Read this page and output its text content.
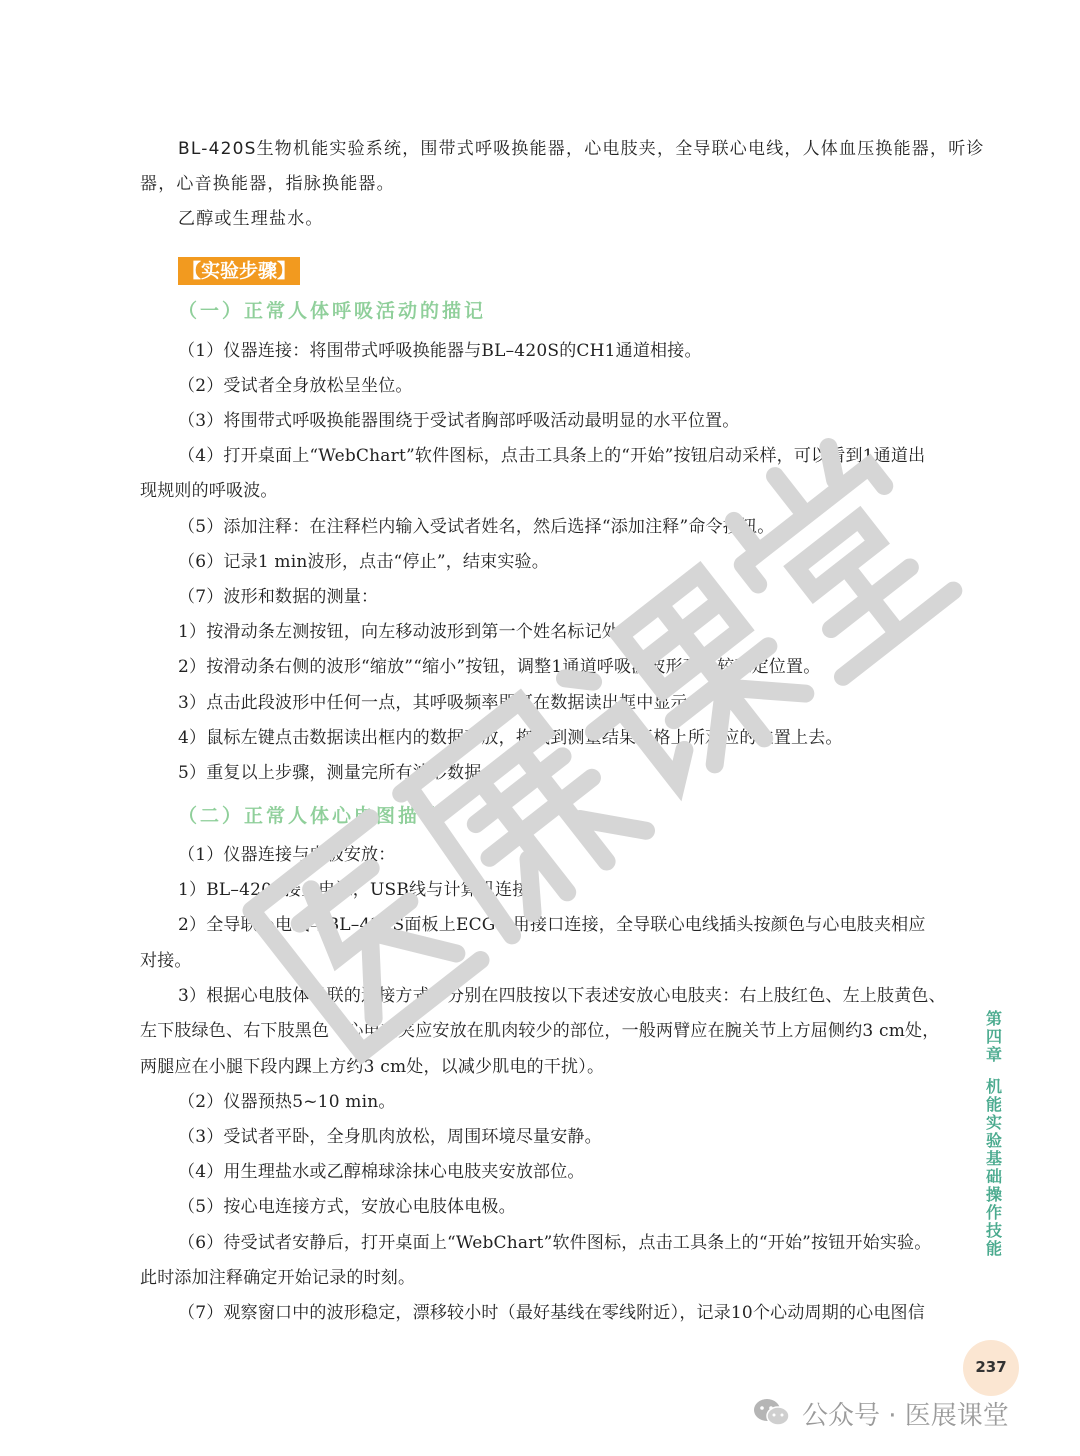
BL-420S生物机能实验系统，围带式呼吸换能器，心电肢夹，全导联心电线，人体血压换能器，听诊
器，心音换能器，指脉换能器。
乙醇或生理盐水。
【实验步骤】
（一）正常人体呼吸活动的描记
（1）仪器连接：将围带式呼吸换能器与BL–420S的CH1通道相接。
（2）受试者全身放松呈坐位。
（3）将围带式呼吸换能器围绕于受试者胸部呼吸活动最明显的水平位置。
（4）打开桌面上“WebChart”软件图标，点击工具条上的“开始”按钮启动采样，可以看到1通道出
现规则的呼吸波。
（5）添加注释：在注释栏内输入受试者姓名，然后选择“添加注释”命令按钮。
（6）记录1 min波形，点击“停止”，结束实验。
（7）波形和数据的测量：
1）按滑动条左测按钮，向左移动波形到第一个姓名标记处。
2）按滑动条右侧的波形“缩放”“缩小”按钮，调整1通道呼吸波波形到比较稳定位置。
3）点击此段波形中任何一点，其呼吸频率即可在数据读出框中显示。
4）鼠标左键点击数据读出框内的数据不放，拖拽到测量结果表格上所对应的位置上去。
5）重复以上步骤，测量完所有波形数据。
（二）正常人体心电图描计
（1）仪器连接与电极安放：
1）BL–420S接上电源，USB线与计算机连接。
2）全导联心电线与BL–420S面板上ECG专用接口连接，全导联心电线插头按颜色与心电肢夹相应
对接。
3）根据心电肢体导联的连接方式，分别在四肢按以下表述安放心电肢夹：右上肢红色、左上肢黄色、
左下肢绿色、右下肢黑色（心电支夹应安放在肌肉较少的部位，一般两臂应在腕关节上方屈侧约3 cm处，
两腿应在小腿下段内踝上方约3 cm处，以减少肌电的干扰）。
（2）仪器预热5~10 min。
（3）受试者平卧，全身肌肉放松，周围环境尽量安静。
（4）用生理盐水或乙醇棉球涂抹心电肢夹安放部位。
（5）按心电连接方式，安放心电肢体电极。
（6）待受试者安静后，打开桌面上“WebChart”软件图标，点击工具条上的“开始”按钮开始实验。
此时添加注释确定开始记录的时刻。
（7）观察窗口中的波形稳定，漂移较小时（最好基线在零线附近），记录10个心动周期的心电图信
第
四
章
机
能
实
验
基
础
操
作
技
能
237
公众号 · 医展课堂
